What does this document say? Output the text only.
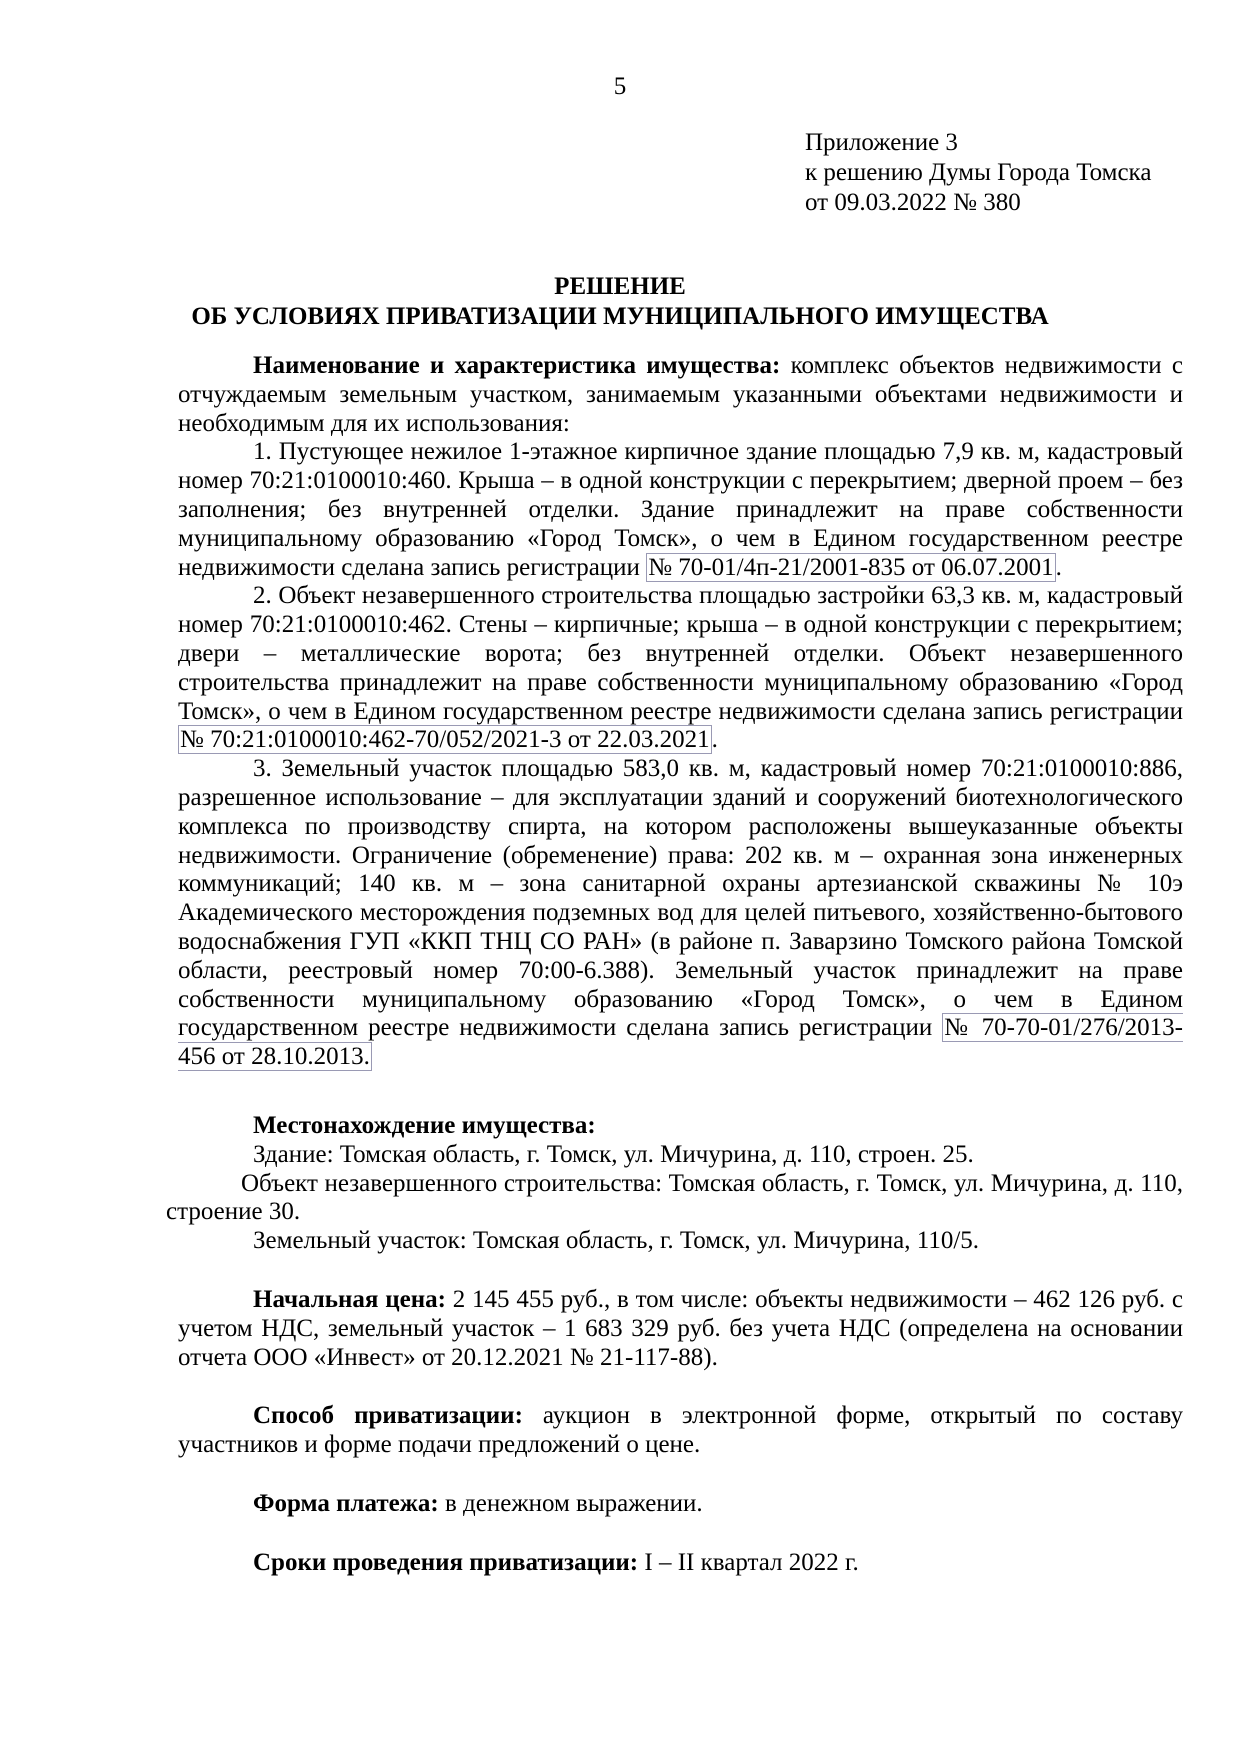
5
Приложение 3
к решению Думы Города Томска
от 09.03.2022 № 380
РЕШЕНИЕ
ОБ УСЛОВИЯХ ПРИВАТИЗАЦИИ МУНИЦИПАЛЬНОГО ИМУЩЕСТВА

Наименование и характеристика имущества: комплекс объектов недвижимости с отчуждаемым земельным участком, занимаемым указанными объектами недвижимости и необходимым для их использования:

1. Пустующее нежилое 1-этажное кирпичное здание площадью 7,9 кв. м, кадастровый номер 70:21:0100010:460. Крыша – в одной конструкции с перекрытием; дверной проем – без заполнения; без внутренней отделки. Здание принадлежит на праве собственности муниципальному образованию «Город Томск», о чем в Едином государственном реестре недвижимости сделана запись регистрации № 70-01/4п-21/2001-835 от 06.07.2001.

2. Объект незавершенного строительства площадью застройки 63,3 кв. м, кадастровый номер 70:21:0100010:462. Стены – кирпичные; крыша – в одной конструкции с перекрытием; двери – металлические ворота; без внутренней отделки. Объект незавершенного строительства принадлежит на праве собственности муниципальному образованию «Город Томск», о чем в Едином государственном реестре недвижимости сделана запись регистрации № 70:21:0100010:462-70/052/2021-3 от 22.03.2021.

3. Земельный участок площадью 583,0 кв. м, кадастровый номер 70:21:0100010:886, разрешенное использование – для эксплуатации зданий и сооружений биотехнологического комплекса по производству спирта, на котором расположены вышеуказанные объекты недвижимости. Ограничение (обременение) права: 202 кв. м – охранная зона инженерных коммуникаций; 140 кв. м – зона санитарной охраны артезианской скважины № 10э Академического месторождения подземных вод для целей питьевого, хозяйственно-бытового водоснабжения ГУП «ККП ТНЦ СО РАН» (в районе п. Заварзино Томского района Томской области, реестровый номер 70:00-6.388). Земельный участок принадлежит на праве собственности муниципальному образованию «Город Томск», о чем в Едином государственном реестре недвижимости сделана запись регистрации № 70-70-01/276/2013-456 от 28.10.2013.

Местонахождение имущества:

Здание: Томская область, г. Томск, ул. Мичурина, д. 110, строен. 25.

Объект незавершенного строительства: Томская область, г. Томск, ул. Мичурина, д. 110, строение 30.

Земельный участок: Томская область, г. Томск, ул. Мичурина, 110/5.

Начальная цена: 2 145 455 руб., в том числе: объекты недвижимости – 462 126 руб. с учетом НДС, земельный участок – 1 683 329 руб. без учета НДС (определена на основании отчета ООО «Инвест» от 20.12.2021 № 21-117-88).

Способ приватизации: аукцион в электронной форме, открытый по составу участников и форме подачи предложений о цене.

Форма платежа: в денежном выражении.

Сроки проведения приватизации: I – II квартал 2022 г.
